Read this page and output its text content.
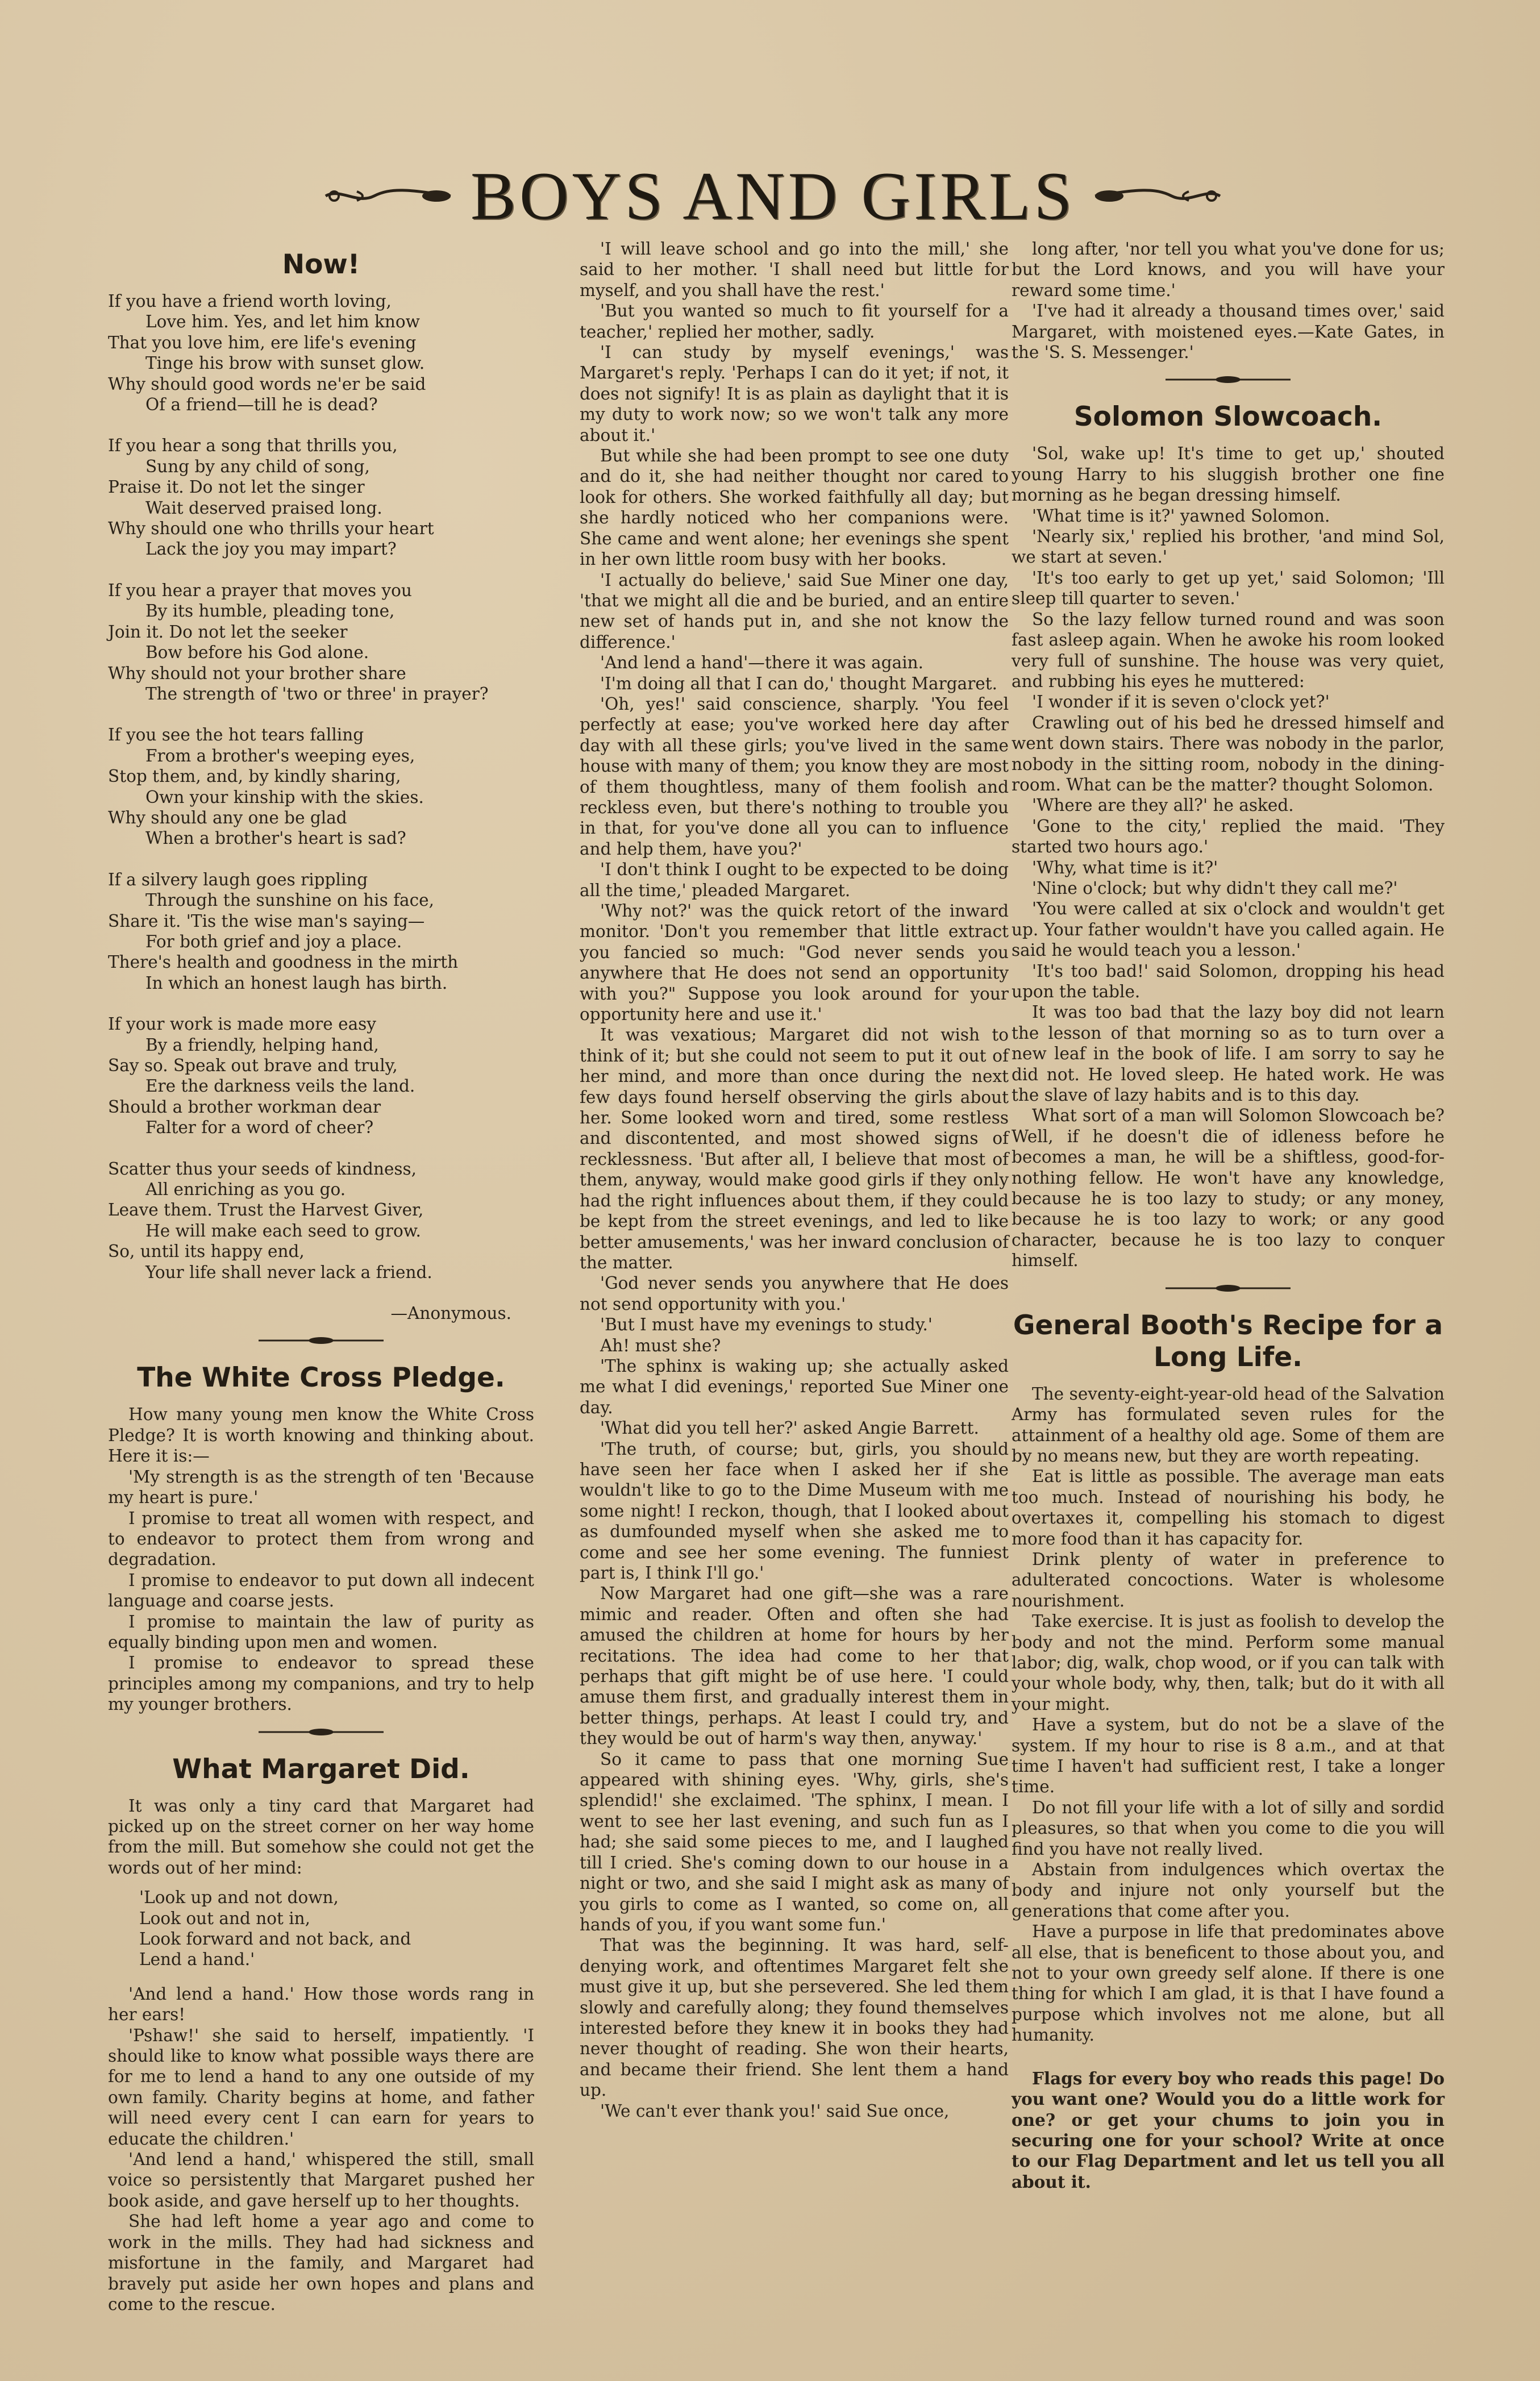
BOYS AND GIRLS
Now!
If you have a friend worth loving,
Love him. Yes, and let him know
That you love him, ere life's evening
Tinge his brow with sunset glow.
Why should good words ne'er be said
Of a friend—till he is dead?
If you hear a song that thrills you,
Sung by any child of song,
Praise it. Do not let the singer
Wait deserved praised long.
Why should one who thrills your heart
Lack the joy you may impart?
If you hear a prayer that moves you
By its humble, pleading tone,
Join it. Do not let the seeker
Bow before his God alone.
Why should not your brother share
The strength of 'two or three' in prayer?
If you see the hot tears falling
From a brother's weeping eyes,
Stop them, and, by kindly sharing,
Own your kinship with the skies.
Why should any one be glad
When a brother's heart is sad?
If a silvery laugh goes rippling
Through the sunshine on his face,
Share it. 'Tis the wise man's saying—
For both grief and joy a place.
There's health and goodness in the mirth
In which an honest laugh has birth.
If your work is made more easy
By a friendly, helping hand,
Say so. Speak out brave and truly,
Ere the darkness veils the land.
Should a brother workman dear
Falter for a word of cheer?
Scatter thus your seeds of kindness,
All enriching as you go.
Leave them. Trust the Harvest Giver,
He will make each seed to grow.
So, until its happy end,
Your life shall never lack a friend.
—Anonymous.
The White Cross Pledge.

How many young men know the White Cross Pledge? It is worth knowing and thinking about. Here it is:—

'My strength is as the strength of ten 'Because my heart is pure.'

I promise to treat all women with respect, and to endeavor to protect them from wrong and degradation.

I promise to endeavor to put down all indecent language and coarse jests.

I promise to maintain the law of purity as equally binding upon men and women.

I promise to endeavor to spread these principles among my companions, and try to help my younger brothers.

What Margaret Did.

It was only a tiny card that Margaret had picked up on the street corner on her way home from the mill. But somehow she could not get the words out of her mind:

'Look up and not down,
Look out and not in,
Look forward and not back, and
Lend a hand.'

'And lend a hand.' How those words rang in her ears!

'Pshaw!' she said to herself, impatiently. 'I should like to know what possible ways there are for me to lend a hand to any one outside of my own family. Charity begins at home, and father will need every cent I can earn for years to educate the children.'

'And lend a hand,' whispered the still, small voice so persistently that Margaret pushed her book aside, and gave herself up to her thoughts.

She had left home a year ago and come to work in the mills. They had had sickness and misfortune in the family, and Margaret had bravely put aside her own hopes and plans and come to the rescue.

'I will leave school and go into the mill,' she said to her mother. 'I shall need but little for myself, and you shall have the rest.'

'But you wanted so much to fit yourself for a teacher,' replied her mother, sadly.

'I can study by myself evenings,' was Margaret's reply. 'Perhaps I can do it yet; if not, it does not signify! It is as plain as daylight that it is my duty to work now; so we won't talk any more about it.'

But while she had been prompt to see one duty and do it, she had neither thought nor cared to look for others. She worked faithfully all day; but she hardly noticed who her companions were. She came and went alone; her evenings she spent in her own little room busy with her books.

'I actually do believe,' said Sue Miner one day, 'that we might all die and be buried, and an entire new set of hands put in, and she not know the difference.'

'And lend a hand'—there it was again.

'I'm doing all that I can do,' thought Margaret.

'Oh, yes!' said conscience, sharply. 'You feel perfectly at ease; you've worked here day after day with all these girls; you've lived in the same house with many of them; you know they are most of them thoughtless, many of them foolish and reckless even, but there's nothing to trouble you in that, for you've done all you can to influence and help them, have you?'

'I don't think I ought to be expected to be doing all the time,' pleaded Margaret.

'Why not?' was the quick retort of the inward monitor. 'Don't you remember that little extract you fancied so much: "God never sends you anywhere that He does not send an opportunity with you?" Suppose you look around for your opportunity here and use it.'

It was vexatious; Margaret did not wish to think of it; but she could not seem to put it out of her mind, and more than once during the next few days found herself observing the girls about her. Some looked worn and tired, some restless and discontented, and most showed signs of recklessness. 'But after all, I believe that most of them, anyway, would make good girls if they only had the right influences about them, if they could be kept from the street evenings, and led to like better amusements,' was her inward conclusion of the matter.

'God never sends you anywhere that He does not send opportunity with you.'

'But I must have my evenings to study.'

Ah! must she?

'The sphinx is waking up; she actually asked me what I did evenings,' reported Sue Miner one day.

'What did you tell her?' asked Angie Barrett.

'The truth, of course; but, girls, you should have seen her face when I asked her if she wouldn't like to go to the Dime Museum with me some night! I reckon, though, that I looked about as dumfounded myself when she asked me to come and see her some evening. The funniest part is, I think I'll go.'

Now Margaret had one gift—she was a rare mimic and reader. Often and often she had amused the children at home for hours by her recitations. The idea had come to her that perhaps that gift might be of use here. 'I could amuse them first, and gradually interest them in better things, perhaps. At least I could try, and they would be out of harm's way then, anyway.'

So it came to pass that one morning Sue appeared with shining eyes. 'Why, girls, she's splendid!' she exclaimed. 'The sphinx, I mean. I went to see her last evening, and such fun as I had; she said some pieces to me, and I laughed till I cried. She's coming down to our house in a night or two, and she said I might ask as many of you girls to come as I wanted, so come on, all hands of you, if you want some fun.'

That was the beginning. It was hard, self-denying work, and oftentimes Margaret felt she must give it up, but she persevered. She led them slowly and carefully along; they found themselves interested before they knew it in books they had never thought of reading. She won their hearts, and became their friend. She lent them a hand up.

'We can't ever thank you!' said Sue once,

long after, 'nor tell you what you've done for us; but the Lord knows, and you will have your reward some time.'

'I've had it already a thousand times over,' said Margaret, with moistened eyes.—Kate Gates, in the 'S. S. Messenger.'

Solomon Slowcoach.

'Sol, wake up! It's time to get up,' shouted young Harry to his sluggish brother one fine morning as he began dressing himself.

'What time is it?' yawned Solomon.

'Nearly six,' replied his brother, 'and mind Sol, we start at seven.'

'It's too early to get up yet,' said Solomon; 'Ill sleep till quarter to seven.'

So the lazy fellow turned round and was soon fast asleep again. When he awoke his room looked very full of sunshine. The house was very quiet, and rubbing his eyes he muttered:

'I wonder if it is seven o'clock yet?'

Crawling out of his bed he dressed himself and went down stairs. There was nobody in the parlor, nobody in the sitting room, nobody in the dining-room. What can be the matter? thought Solomon.

'Where are they all?' he asked.

'Gone to the city,' replied the maid. 'They started two hours ago.'

'Why, what time is it?'

'Nine o'clock; but why didn't they call me?'

'You were called at six o'clock and wouldn't get up. Your father wouldn't have you called again. He said he would teach you a lesson.'

'It's too bad!' said Solomon, dropping his head upon the table.

It was too bad that the lazy boy did not learn the lesson of that morning so as to turn over a new leaf in the book of life. I am sorry to say he did not. He loved sleep. He hated work. He was the slave of lazy habits and is to this day.

What sort of a man will Solomon Slowcoach be? Well, if he doesn't die of idleness before he becomes a man, he will be a shiftless, good-for-nothing fellow. He won't have any knowledge, because he is too lazy to study; or any money, because he is too lazy to work; or any good character, because he is too lazy to conquer himself.

General Booth's Recipe for a Long Life.

The seventy-eight-year-old head of the Salvation Army has formulated seven rules for the attainment of a healthy old age. Some of them are by no means new, but they are worth repeating.

Eat is little as possible. The average man eats too much. Instead of nourishing his body, he overtaxes it, compelling his stomach to digest more food than it has capacity for.

Drink plenty of water in preference to adulterated concoctions. Water is wholesome nourishment.

Take exercise. It is just as foolish to develop the body and not the mind. Perform some manual labor; dig, walk, chop wood, or if you can talk with your whole body, why, then, talk; but do it with all your might.

Have a system, but do not be a slave of the system. If my hour to rise is 8 a.m., and at that time I haven't had sufficient rest, I take a longer time.

Do not fill your life with a lot of silly and sordid pleasures, so that when you come to die you will find you have not really lived.

Abstain from indulgences which overtax the body and injure not only yourself but the generations that come after you.

Have a purpose in life that predominates above all else, that is beneficent to those about you, and not to your own greedy self alone. If there is one thing for which I am glad, it is that I have found a purpose which involves not me alone, but all humanity.

Flags for every boy who reads this page! Do you want one? Would you do a little work for one? or get your chums to join you in securing one for your school? Write at once to our Flag Department and let us tell you all about it.
